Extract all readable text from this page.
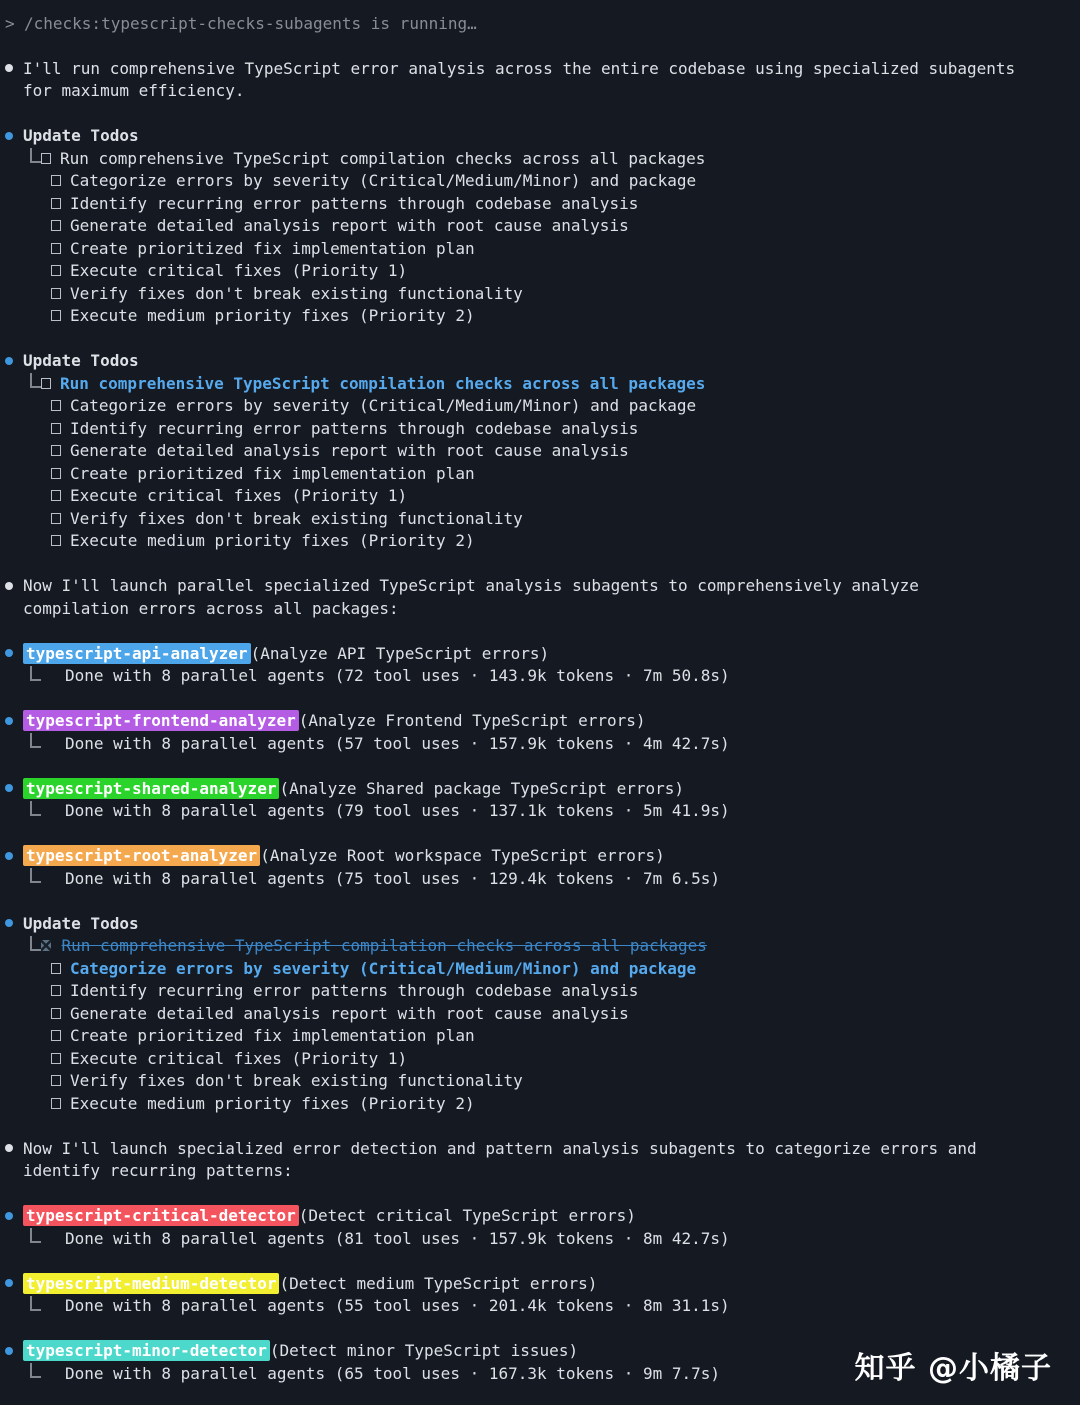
> /checks:typescript-checks-subagents is running…
I'll run comprehensive TypeScript error analysis across the entire codebase using specialized subagents
for maximum efficiency.
Update Todos
Run comprehensive TypeScript compilation checks across all packages
Categorize errors by severity (Critical/Medium/Minor) and package
Identify recurring error patterns through codebase analysis
Generate detailed analysis report with root cause analysis
Create prioritized fix implementation plan
Execute critical fixes (Priority 1)
Verify fixes don't break existing functionality
Execute medium priority fixes (Priority 2)
Update Todos
Run comprehensive TypeScript compilation checks across all packages
Categorize errors by severity (Critical/Medium/Minor) and package
Identify recurring error patterns through codebase analysis
Generate detailed analysis report with root cause analysis
Create prioritized fix implementation plan
Execute critical fixes (Priority 1)
Verify fixes don't break existing functionality
Execute medium priority fixes (Priority 2)
Now I'll launch parallel specialized TypeScript analysis subagents to comprehensively analyze
compilation errors across all packages:
typescript-api-analyzer (Analyze API TypeScript errors)
Done with 8 parallel agents (72 tool uses · 143.9k tokens · 7m 50.8s)
typescript-frontend-analyzer (Analyze Frontend TypeScript errors)
Done with 8 parallel agents (57 tool uses · 157.9k tokens · 4m 42.7s)
typescript-shared-analyzer (Analyze Shared package TypeScript errors)
Done with 8 parallel agents (79 tool uses · 137.1k tokens · 5m 41.9s)
typescript-root-analyzer (Analyze Root workspace TypeScript errors)
Done with 8 parallel agents (75 tool uses · 129.4k tokens · 7m 6.5s)
Update Todos
Run comprehensive TypeScript compilation checks across all packages
Categorize errors by severity (Critical/Medium/Minor) and package
Identify recurring error patterns through codebase analysis
Generate detailed analysis report with root cause analysis
Create prioritized fix implementation plan
Execute critical fixes (Priority 1)
Verify fixes don't break existing functionality
Execute medium priority fixes (Priority 2)
Now I'll launch specialized error detection and pattern analysis subagents to categorize errors and
identify recurring patterns:
typescript-critical-detector (Detect critical TypeScript errors)
Done with 8 parallel agents (81 tool uses · 157.9k tokens · 8m 42.7s)
typescript-medium-detector (Detect medium TypeScript errors)
Done with 8 parallel agents (55 tool uses · 201.4k tokens · 8m 31.1s)
typescript-minor-detector (Detect minor TypeScript issues)
Done with 8 parallel agents (65 tool uses · 167.3k tokens · 9m 7.7s)	知乎 @小橘子
